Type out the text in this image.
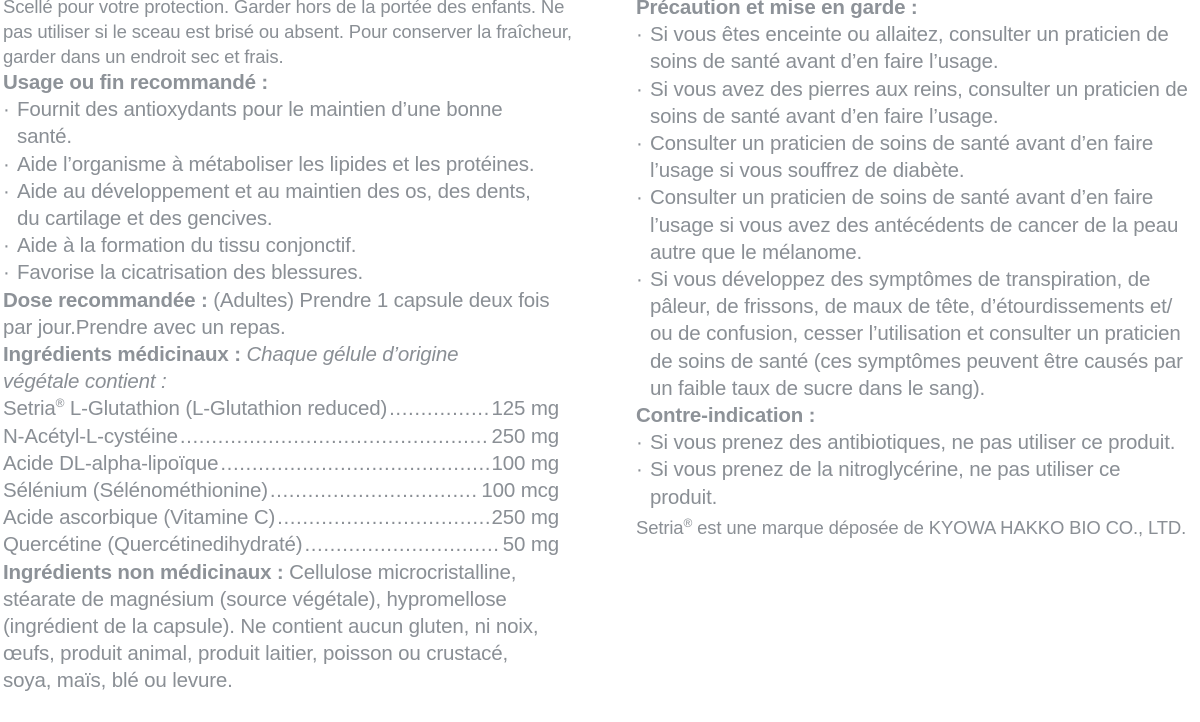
Scellé pour votre protection. Garder hors de la portée des enfants. Ne
pas utiliser si le sceau est brisé ou absent. Pour conserver la fraîcheur,
garder dans un endroit sec et frais.
Usage ou fin recommandé :
· Fournit des antioxydants pour le maintien d’une bonne
santé.
· Aide l’organisme à métaboliser les lipides et les protéines.
· Aide au développement et au maintien des os, des dents,
du cartilage et des gencives.
· Aide à la formation du tissu conjonctif.
· Favorise la cicatrisation des blessures.
Dose recommandée : (Adultes) Prendre 1 capsule deux fois
par jour.Prendre avec un repas.
Ingrédients médicinaux : Chaque gélule d’origine
végétale contient :
Setria® L-Glutathion (L-Glutathion reduced) .....	125 mg
N-Acétyl-L-cystéine .....	250 mg
Acide DL-alpha-lipoïque .....	100 mg
Sélénium (Sélénométhionine) .....	100 mcg
Acide ascorbique (Vitamine C) .....	250 mg
Quercétine (Quercétinedihydraté) .....	50 mg
Ingrédients non médicinaux : Cellulose microcristalline,
stéarate de magnésium (source végétale), hypromellose
(ingrédient de la capsule). Ne contient aucun gluten, ni noix,
œufs, produit animal, produit laitier, poisson ou crustacé,
soya, maïs, blé ou levure.
Précaution et mise en garde :
· Si vous êtes enceinte ou allaitez, consulter un praticien de
soins de santé avant d’en faire l’usage.
· Si vous avez des pierres aux reins, consulter un praticien de
soins de santé avant d’en faire l’usage.
· Consulter un praticien de soins de santé avant d’en faire
l’usage si vous souffrez de diabète.
· Consulter un praticien de soins de santé avant d’en faire
l’usage si vous avez des antécédents de cancer de la peau
autre que le mélanome.
· Si vous développez des symptômes de transpiration, de
pâleur, de frissons, de maux de tête, d’étourdissements et/
ou de confusion, cesser l’utilisation et consulter un praticien
de soins de santé (ces symptômes peuvent être causés par
un faible taux de sucre dans le sang).
Contre-indication :
· Si vous prenez des antibiotiques, ne pas utiliser ce produit.
· Si vous prenez de la nitroglycérine, ne pas utiliser ce
produit.
Setria® est une marque déposée de KYOWA HAKKO BIO CO., LTD.
